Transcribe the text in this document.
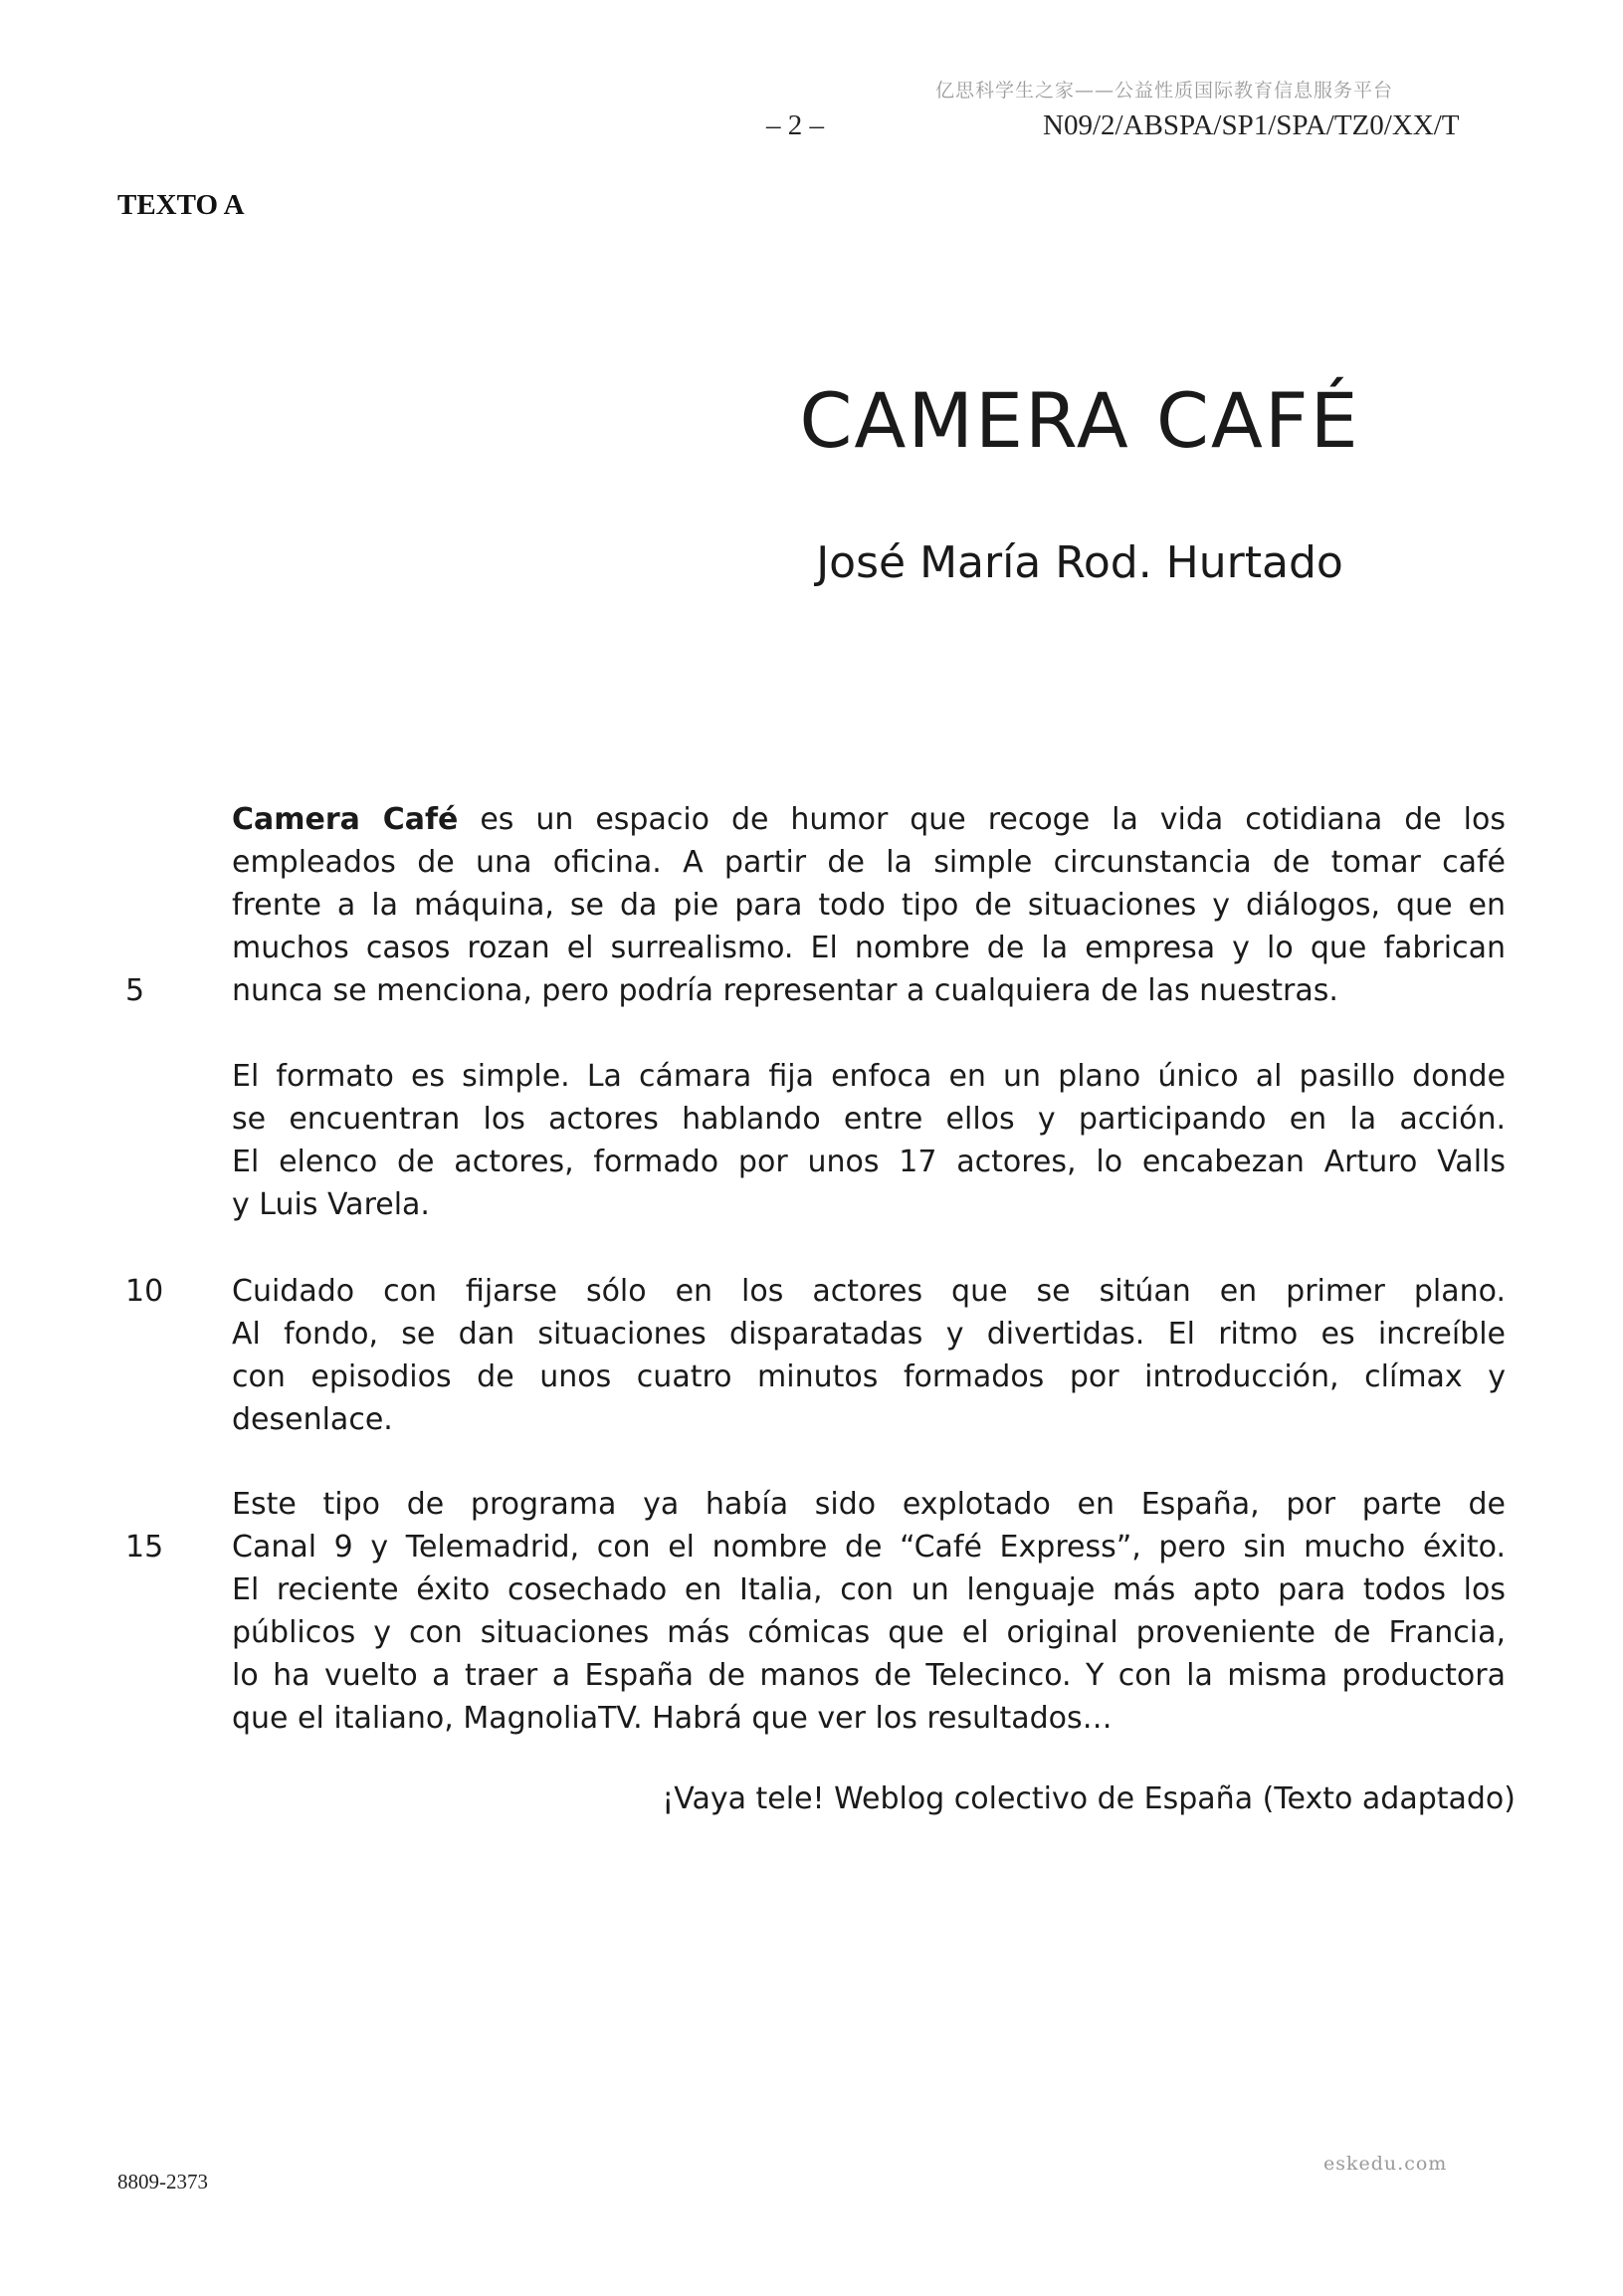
亿思科学生之家——公益性质国际教育信息服务平台
– 2 –	N09/2/ABSPA/SP1/SPA/TZ0/XX/T
TEXTO A
CAMERA CAFÉ
José María Rod. Hurtado
Camera Café es un espacio de humor que recoge la vida cotidiana de los
empleados de una oficina. A partir de la simple circunstancia de tomar café
frente a la máquina, se da pie para todo tipo de situaciones y diálogos, que en
muchos casos rozan el surrealismo. El nombre de la empresa y lo que fabrican
nunca se menciona, pero podría representar a cualquiera de las nuestras.
El formato es simple. La cámara fija enfoca en un plano único al pasillo donde
se encuentran los actores hablando entre ellos y participando en la acción.
El elenco de actores, formado por unos 17 actores, lo encabezan Arturo Valls
y Luis Varela.
Cuidado con fijarse sólo en los actores que se sitúan en primer plano.
Al fondo, se dan situaciones disparatadas y divertidas. El ritmo es increíble
con episodios de unos cuatro minutos formados por introducción, clímax y
desenlace.
Este tipo de programa ya había sido explotado en España, por parte de
Canal 9 y Telemadrid, con el nombre de “Café Express”, pero sin mucho éxito.
El reciente éxito cosechado en Italia, con un lenguaje más apto para todos los
públicos y con situaciones más cómicas que el original proveniente de Francia,
lo ha vuelto a traer a España de manos de Telecinco. Y con la misma productora
que el italiano, MagnoliaTV. Habrá que ver los resultados…
5
10
15
¡Vaya tele! Weblog colectivo de España (Texto adaptado)
eskedu.com
8809-2373
